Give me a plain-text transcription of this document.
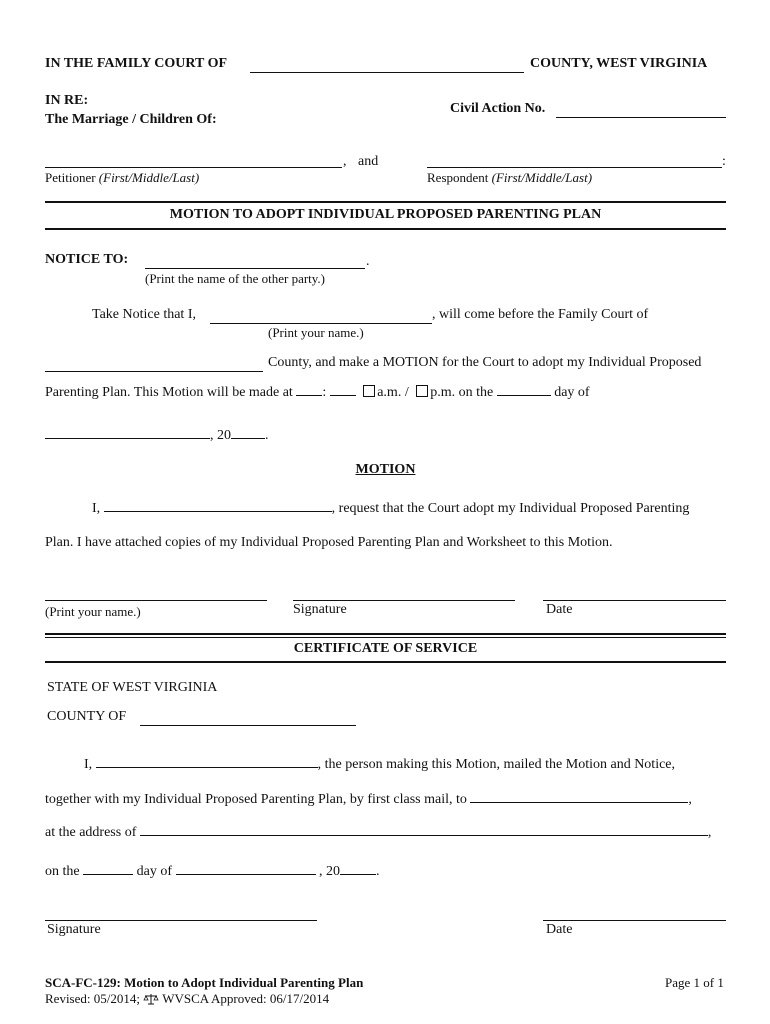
IN THE FAMILY COURT OF	COUNTY, WEST VIRGINIA
IN RE:
The Marriage / Children Of:
Civil Action No.
, and	:
Petitioner (First/Middle/Last)	Respondent (First/Middle/Last)
MOTION TO ADOPT INDIVIDUAL PROPOSED PARENTING PLAN
NOTICE TO:	.
(Print the name of the other party.)
Take Notice that I,	, will come before the Family Court of
(Print your name.)
County, and make a MOTION for the Court to adopt my Individual Proposed
Parenting Plan. This Motion will be made at :	a.m. / p.m. on the	day of
, 20 .
MOTION
I,	, request that the Court adopt my Individual Proposed Parenting
Plan. I have attached copies of my Individual Proposed Parenting Plan and Worksheet to this Motion.
(Print your name.)	Signature	Date
CERTIFICATE OF SERVICE
STATE OF WEST VIRGINIA
COUNTY OF
I,	, the person making this Motion, mailed the Motion and Notice,
together with my Individual Proposed Parenting Plan, by first class mail, to	,
at the address of	,
on the	day of	, 20	.
Signature	Date
SCA-FC-129: Motion to Adopt Individual Parenting Plan
Revised: 05/2014; WVSCA Approved: 06/17/2014
Page 1 of 1
